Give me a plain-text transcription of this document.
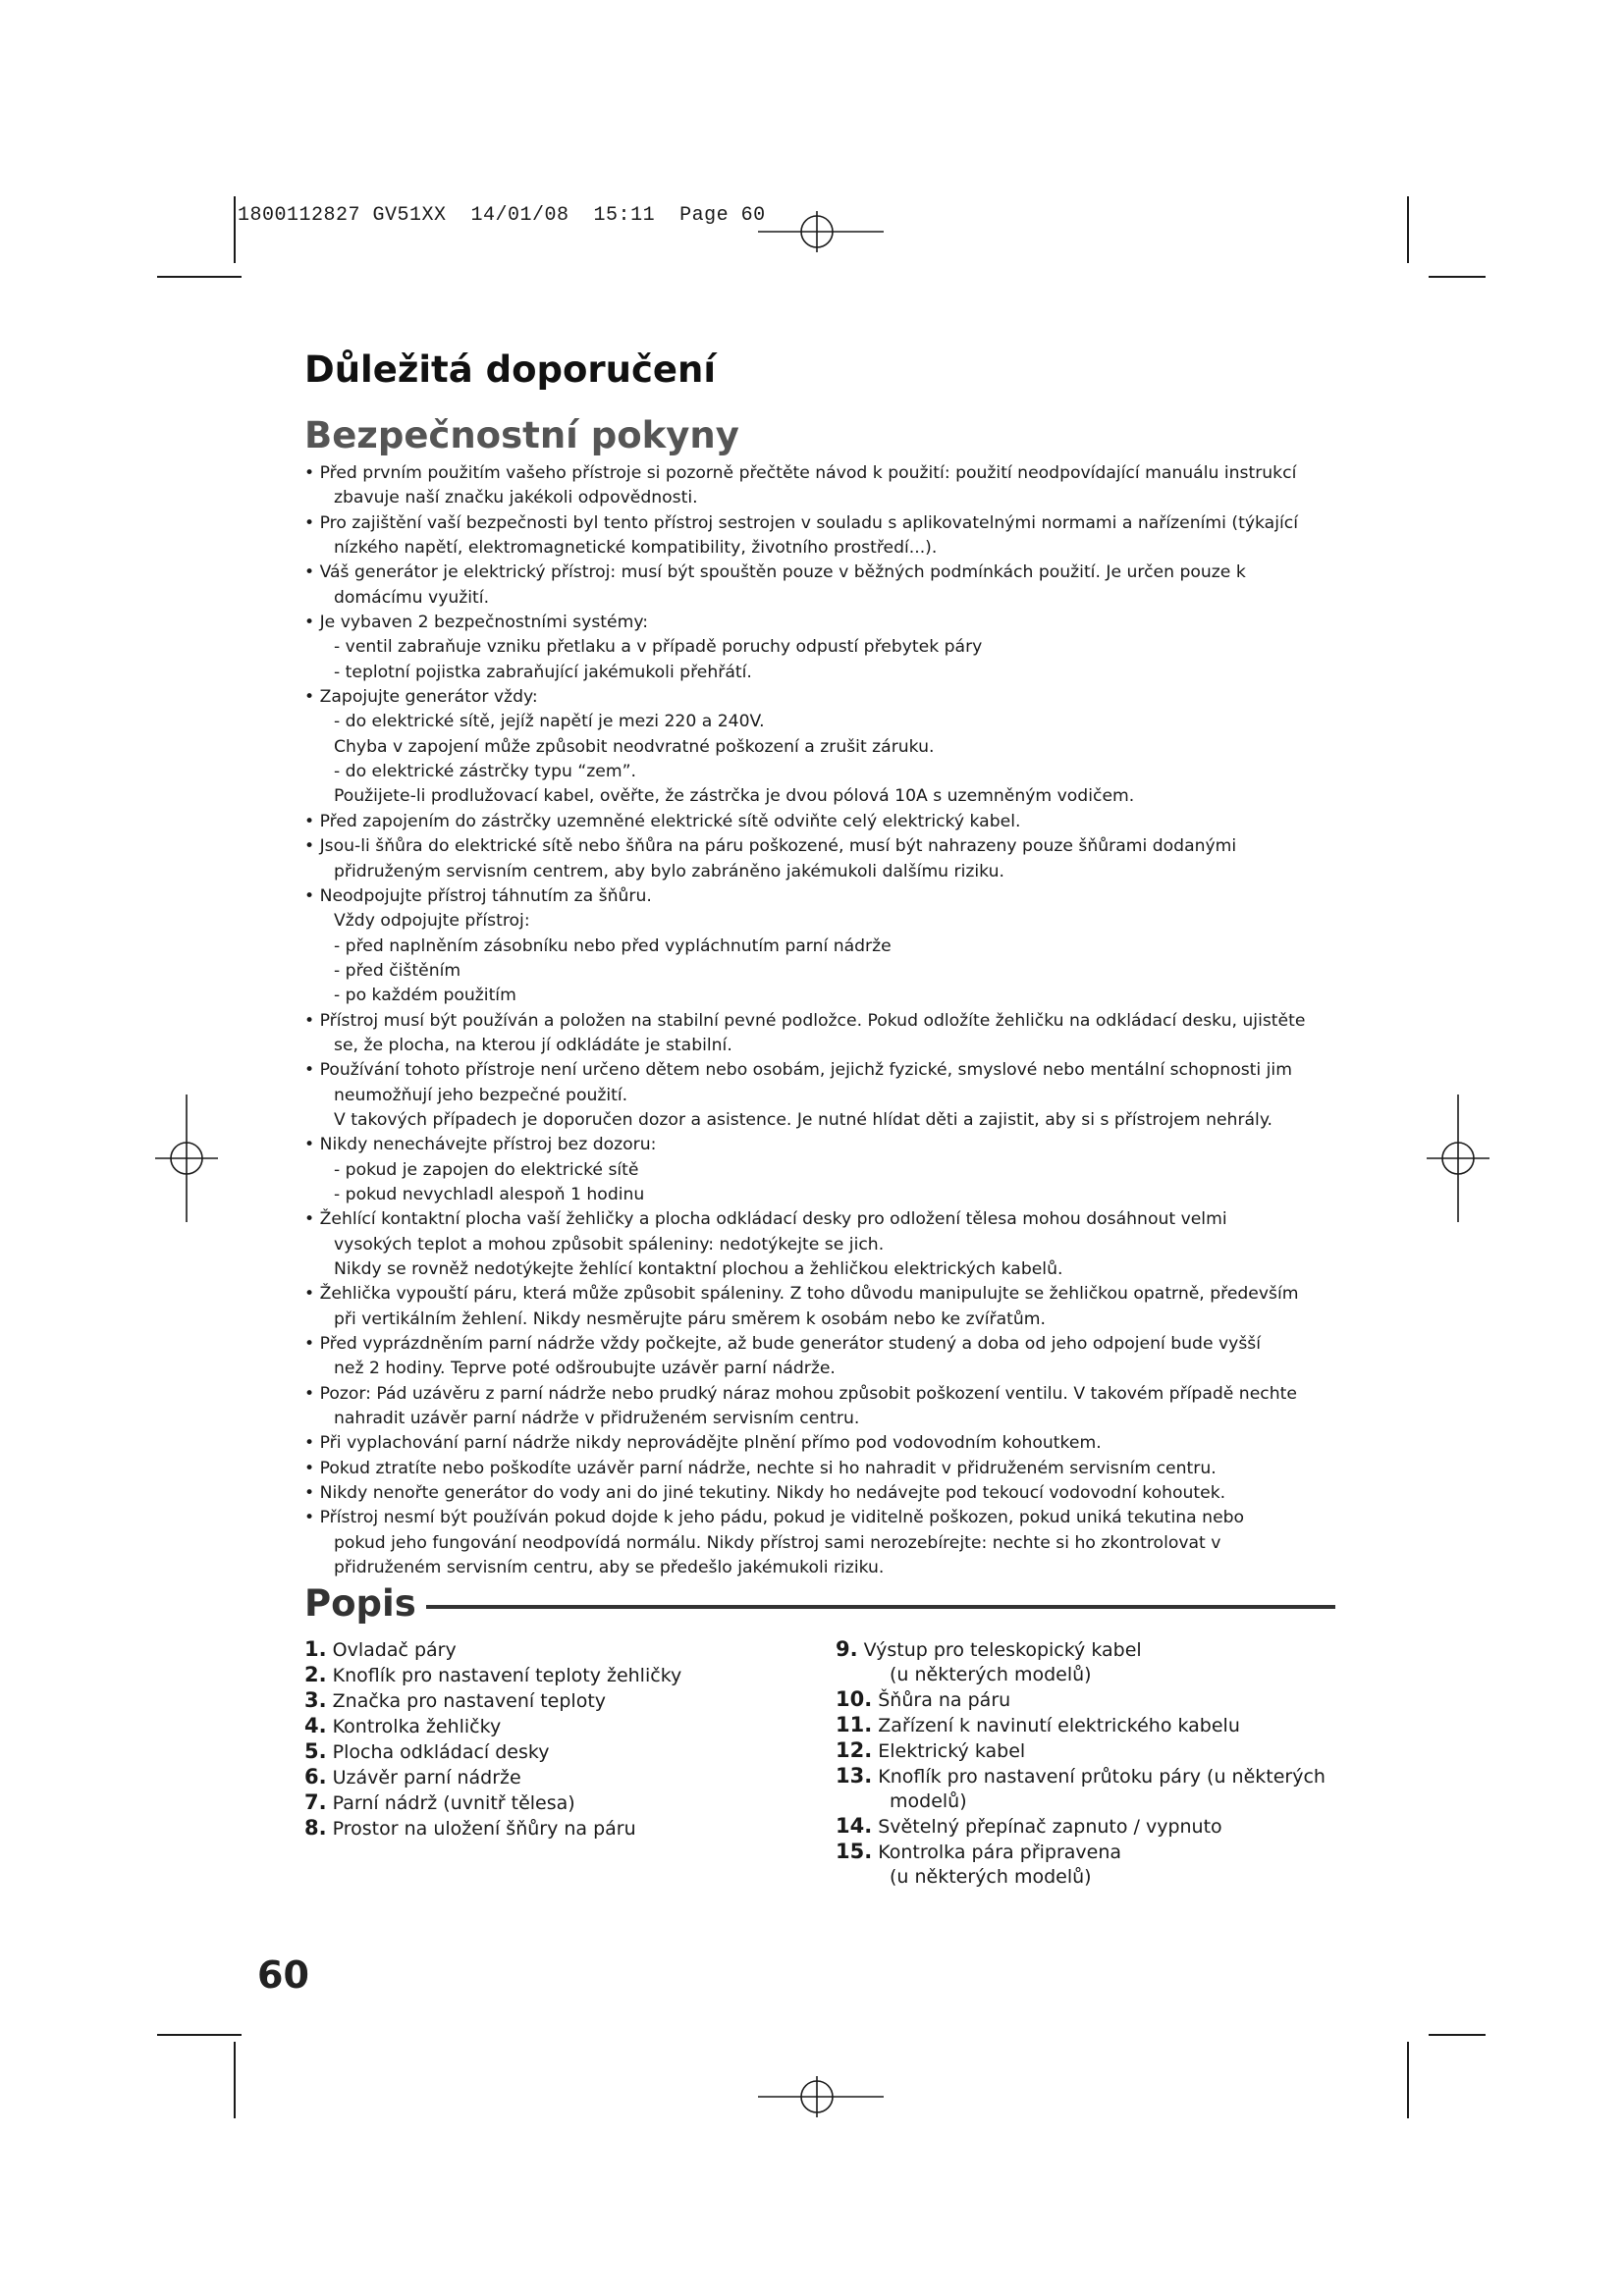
1800112827 GV51XX  14/01/08  15:11  Page 60
Důležitá doporučení
Bezpečnostní pokyny
• Před prvním použitím vašeho přístroje si pozorně přečtěte návod k použití: použití neodpovídající manuálu instrukcí
zbavuje naší značku jakékoli odpovědnosti.
• Pro zajištění vaší bezpečnosti byl tento přístroj sestrojen v souladu s aplikovatelnými normami a nařízeními (týkající
nízkého napětí, elektromagnetické kompatibility, životního prostředí...).
• Váš generátor je elektrický přístroj: musí být spouštěn pouze v běžných podmínkách použití. Je určen pouze k
domácímu využití.
• Je vybaven 2 bezpečnostními systémy:
- ventil zabraňuje vzniku přetlaku a v případě poruchy odpustí přebytek páry
- teplotní pojistka zabraňující jakémukoli přehřátí.
• Zapojujte generátor vždy:
- do elektrické sítě, jejíž napětí je mezi 220 a 240V.
Chyba v zapojení může způsobit neodvratné poškození a zrušit záruku.
- do elektrické zástrčky typu “zem”.
Použijete-li prodlužovací kabel, ověřte, že zástrčka je dvou pólová 10A s uzemněným vodičem.
• Před zapojením do zástrčky uzemněné elektrické sítě odviňte celý elektrický kabel.
• Jsou-li šňůra do elektrické sítě nebo šňůra na páru poškozené, musí být nahrazeny pouze šňůrami dodanými
přidruženým servisním centrem, aby bylo zabráněno jakémukoli dalšímu riziku.
• Neodpojujte přístroj táhnutím za šňůru.
Vždy odpojujte přístroj:
- před naplněním zásobníku nebo před vypláchnutím parní nádrže
- před čištěním
- po každém použitím
• Přístroj musí být používán a položen na stabilní pevné podložce. Pokud odložíte žehličku na odkládací desku, ujistěte
se, že plocha, na kterou jí odkládáte je stabilní.
• Používání tohoto přístroje není určeno dětem nebo osobám, jejichž fyzické, smyslové nebo mentální schopnosti jim
neumožňují jeho bezpečné použití.
V takových případech je doporučen dozor a asistence. Je nutné hlídat děti a zajistit, aby si s přístrojem nehrály.
• Nikdy nenechávejte přístroj bez dozoru:
- pokud je zapojen do elektrické sítě
- pokud nevychladl alespoň 1 hodinu
• Žehlící kontaktní plocha vaší žehličky a plocha odkládací desky pro odložení tělesa mohou dosáhnout velmi
vysokých teplot a mohou způsobit spáleniny: nedotýkejte se jich.
Nikdy se rovněž nedotýkejte žehlící kontaktní plochou a žehličkou elektrických kabelů.
• Žehlička vypouští páru, která může způsobit spáleniny. Z toho důvodu manipulujte se žehličkou opatrně, především
při vertikálním žehlení. Nikdy nesměrujte páru směrem k osobám nebo ke zvířatům.
• Před vyprázdněním parní nádrže vždy počkejte, až bude generátor studený a doba od jeho odpojení bude vyšší
než 2 hodiny. Teprve poté odšroubujte uzávěr parní nádrže.
• Pozor: Pád uzávěru z parní nádrže nebo prudký náraz mohou způsobit poškození ventilu. V takovém případě nechte
nahradit uzávěr parní nádrže v přidruženém servisním centru.
• Při vyplachování parní nádrže nikdy neprovádějte plnění přímo pod vodovodním kohoutkem.
• Pokud ztratíte nebo poškodíte uzávěr parní nádrže, nechte si ho nahradit v přidruženém servisním centru.
• Nikdy nenořte generátor do vody ani do jiné tekutiny. Nikdy ho nedávejte pod tekoucí vodovodní kohoutek.
• Přístroj nesmí být používán pokud dojde k jeho pádu, pokud je viditelně poškozen, pokud uniká tekutina nebo
pokud jeho fungování neodpovídá normálu. Nikdy přístroj sami nerozebírejte: nechte si ho zkontrolovat v
přidruženém servisním centru, aby se předešlo jakémukoli riziku.
Popis
1. Ovladač páry
2. Knoflík pro nastavení teploty žehličky
3. Značka pro nastavení teploty
4. Kontrolka žehličky
5. Plocha odkládací desky
6. Uzávěr parní nádrže
7. Parní nádrž (uvnitř tělesa)
8. Prostor na uložení šňůry na páru
9. Výstup pro teleskopický kabel
(u některých modelů)
10. Šňůra na páru
11. Zařízení k navinutí elektrického kabelu
12. Elektrický kabel
13. Knoflík pro nastavení průtoku páry (u některých
modelů)
14. Světelný přepínač zapnuto / vypnuto
15. Kontrolka pára připravena
(u některých modelů)
60
